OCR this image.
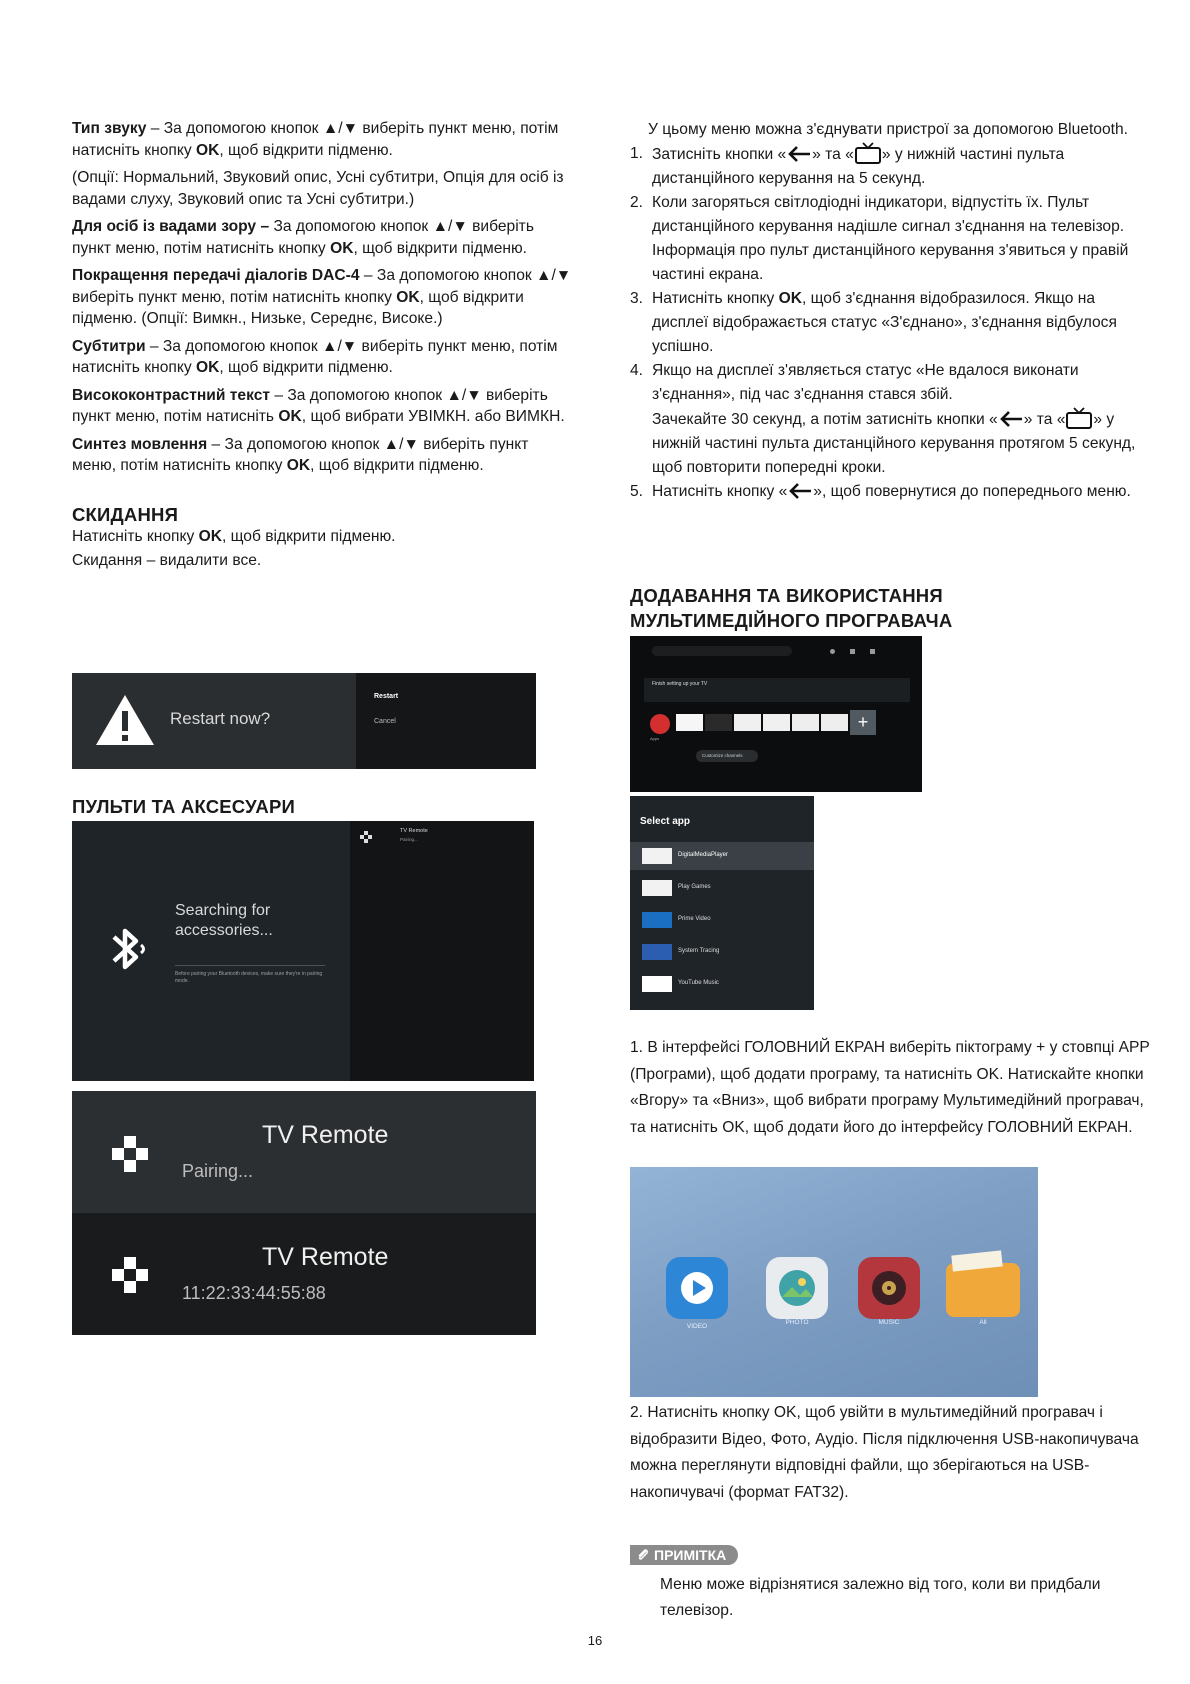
Тип звуку – За допомогою кнопок ▲/▼ виберіть пункт меню, потім натисніть кнопку OK, щоб відкрити підменю.

(Опції: Нормальний, Звуковий опис, Усні субтитри, Опція для осіб із вадами слуху, Звуковий опис та Усні субтитри.)

Для осіб із вадами зору – За допомогою кнопок ▲/▼ виберіть пункт меню, потім натисніть кнопку OK, щоб відкрити підменю.

Покращення передачі діалогів DAC-4 – За допомогою кнопок ▲/▼ виберіть пункт меню, потім натисніть кнопку OK, щоб відкрити підменю. (Опції: Вимкн., Низьке, Середнє, Високе.)

Субтитри – За допомогою кнопок ▲/▼ виберіть пункт меню, потім натисніть кнопку OK, щоб відкрити підменю.

Висококонтрастний текст – За допомогою кнопок ▲/▼ виберіть пункт меню, потім натисніть OK, щоб вибрати УВІМКН. або ВИМКН.

Синтез мовлення – За допомогою кнопок ▲/▼ виберіть пункт меню, потім натисніть кнопку OK, щоб відкрити підменю.

СКИДАННЯ

Натисніть кнопку OK, щоб відкрити підменю.

Скидання – видалити все.

Restart now?
Restart
Cancel
ПУЛЬТИ ТА АКСЕСУАРИ
Searching for
accessories...
Before pairing your Bluetooth devices, make sure they're in pairing mode.
TV Remote
Pairing...
TV Remote
Pairing...
TV Remote
11:22:33:44:55:88

У цьому меню можна з'єднувати пристрої за допомогою Bluetooth.

1. Затисніть кнопки « » та « » у нижній частині пульта дистанційного керування на 5 секунд.
2. Коли загоряться світлодіодні індикатори, відпустіть їх. Пульт дистанційного керування надішле сигнал з'єднання на телевізор. Інформація про пульт дистанційного керування з'явиться у правій частині екрана.
3. Натисніть кнопку OK, щоб з'єднання відобразилося. Якщо на дисплеї відображається статус «З'єднано», з'єднання відбулося успішно.
4. Якщо на дисплеї з'являється статус «Не вдалося виконати з'єднання», під час з'єднання стався збій.
Зачекайте 30 секунд, а потім затисніть кнопки « » та « » у нижній частині пульта дистанційного керування протягом 5 секунд, щоб повторити попередні кроки.
5. Натисніть кнопку « », щоб повернутися до попереднього меню.
ДОДАВАННЯ ТА ВИКОРИСТАННЯ
МУЛЬТИМЕДІЙНОГО ПРОГРАВАЧА
Finish setting up your TV
Apps
+
Customize channels
Select app
DigitalMediaPlayer
Play Games
Prime Video
System Tracing
YouTube Music

1. В інтерфейсі ГОЛОВНИЙ ЕКРАН виберіть піктограму + у стовпці APP (Програми), щоб додати програму, та натисніть OK. Натискайте кнопки «Вгору» та «Вниз», щоб вибрати програму Мультимедійний програвач, та натисніть OK, щоб додати його до інтерфейсу ГОЛОВНИЙ ЕКРАН.

VIDEO
PHOTO	MUSIC	All

2. Натисніть кнопку OK, щоб увійти в мультимедійний програвач і відобразити Відео, Фото, Аудіо. Після підключення USB-накопичувача можна переглянути відповідні файли, що зберігаються на USB-накопичувачі (формат FAT32).

ПРИМІТКА

Меню може відрізнятися залежно від того, коли ви придбали телевізор.

16
